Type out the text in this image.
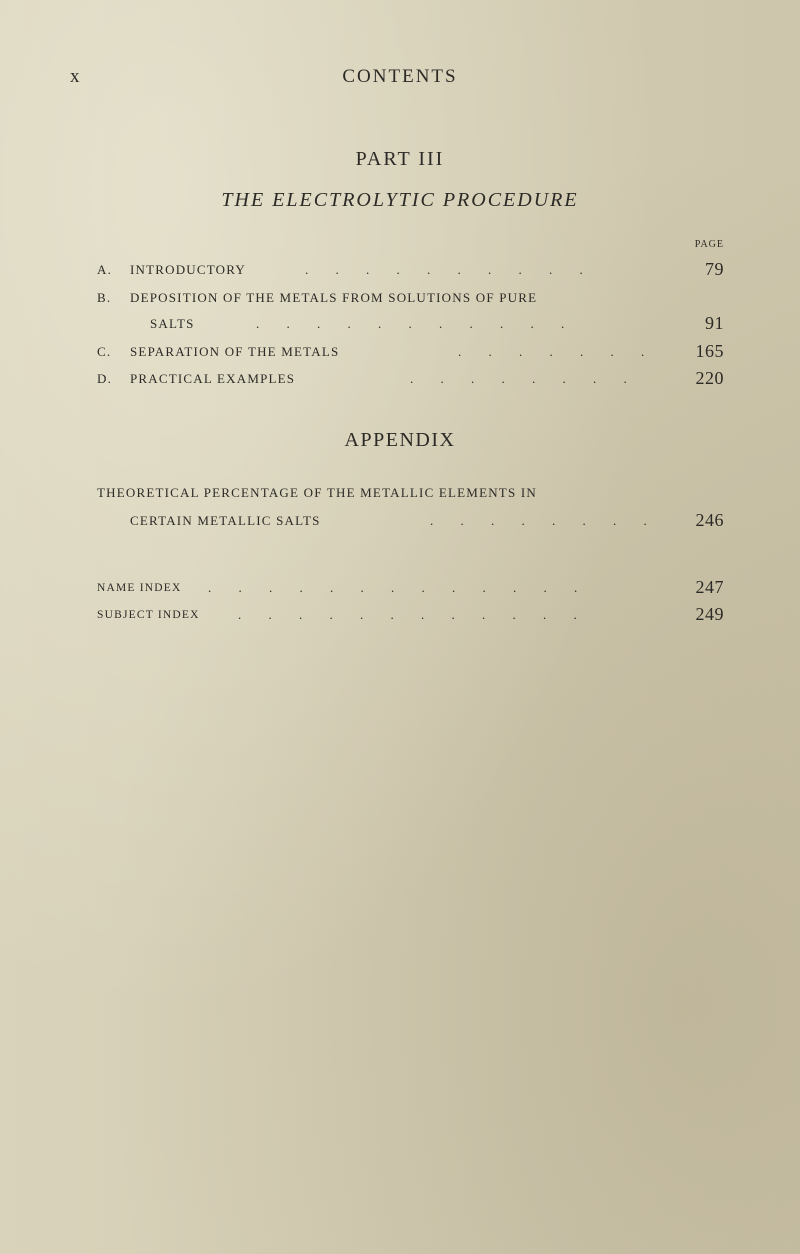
x	CONTENTS
PART III
THE ELECTROLYTIC PROCEDURE
PAGE
A. INTRODUCTORY	. . . . . . . . . .	79
B. DEPOSITION OF THE METALS FROM SOLUTIONS OF PURE
SALTS	. . . . . . . . . . .	91
C. SEPARATION OF THE METALS	. . . . . . . 165
D. PRACTICAL EXAMPLES	. . . . . . . .	220
APPENDIX
THEORETICAL PERCENTAGE OF THE METALLIC ELEMENTS IN
CERTAIN METALLIC SALTS	. . . . . . . . 246
NAME INDEX . . . . . . . . . . . . .	247
SUBJECT INDEX	. . . . . . . . . . . .	249
